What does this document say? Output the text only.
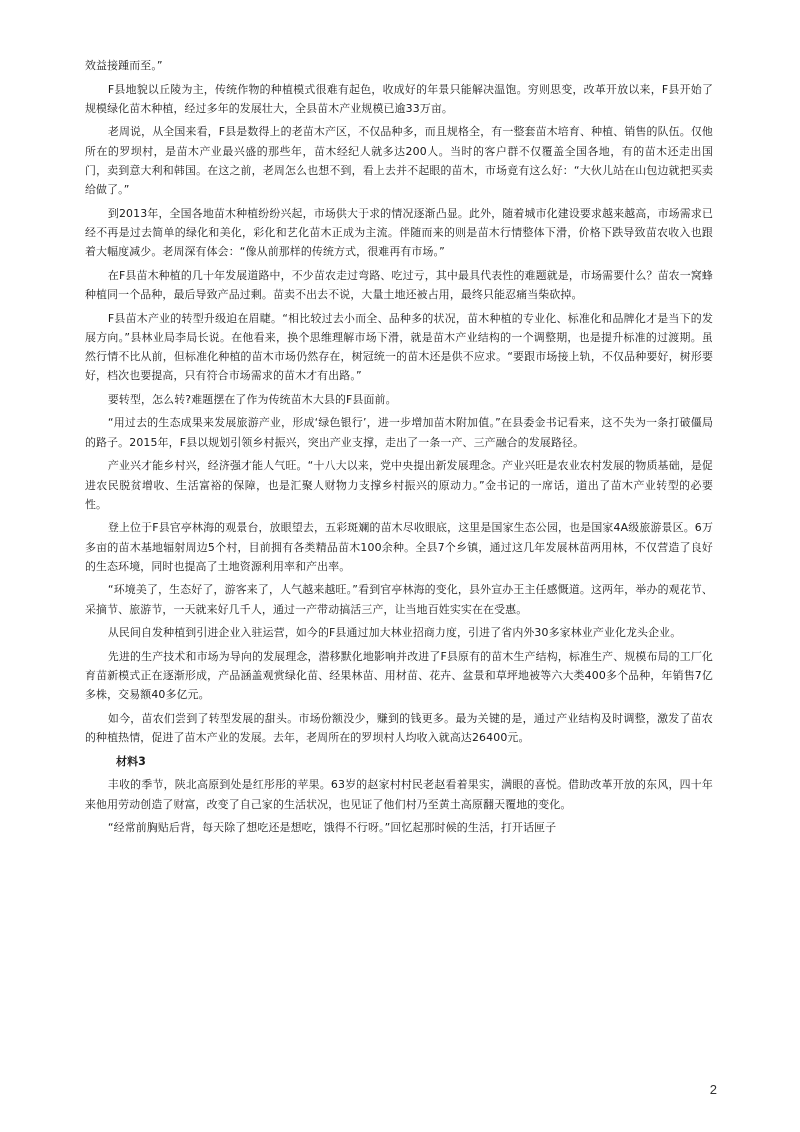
效益接踵而至。”

F县地貌以丘陵为主，传统作物的种植模式很难有起色，收成好的年景只能解决温饱。穷则思变，改革开放以来，F县开始了规模绿化苗木种植，经过多年的发展壮大，全县苗木产业规模已逾33万亩。

老周说，从全国来看，F县是数得上的老苗木产区，不仅品种多，而且规格全，有一整套苗木培育、种植、销售的队伍。仅他所在的罗坝村，是苗木产业最兴盛的那些年，苗木经纪人就多达200人。当时的客户群不仅覆盖全国各地，有的苗木还走出国门，卖到意大利和韩国。在这之前，老周怎么也想不到，看上去并不起眼的苗木，市场竟有这么好：“大伙儿站在山包边就把买卖给做了。”

到2013年，全国各地苗木种植纷纷兴起，市场供大于求的情况逐渐凸显。此外，随着城市化建设要求越来越高，市场需求已经不再是过去简单的绿化和美化，彩化和艺化苗木正成为主流。伴随而来的则是苗木行情整体下滑，价格下跌导致苗农收入也跟着大幅度减少。老周深有体会：“像从前那样的传统方式，很难再有市场。”

在F县苗木种植的几十年发展道路中，不少苗农走过弯路、吃过亏，其中最具代表性的难题就是，市场需要什么？苗农一窝蜂种植同一个品种，最后导致产品过剩。苗卖不出去不说，大量土地还被占用，最终只能忍痛当柴砍掉。

F县苗木产业的转型升级迫在眉睫。“相比较过去小而全、品种多的状况，苗木种植的专业化、标准化和品牌化才是当下的发展方向。”县林业局李局长说。在他看来，换个思维理解市场下滑，就是苗木产业结构的一个调整期，也是提升标准的过渡期。虽然行情不比从前，但标准化种植的苗木市场仍然存在，树冠统一的苗木还是供不应求。“要跟市场接上轨，不仅品种要好，树形要好，档次也要提高，只有符合市场需求的苗木才有出路。”

要转型，怎么转?难题摆在了作为传统苗木大县的F县面前。

“用过去的生态成果来发展旅游产业，形成‘绿色银行’，进一步增加苗木附加值。”在县委金书记看来，这不失为一条打破僵局的路子。2015年，F县以规划引领乡村振兴，突出产业支撑，走出了一条一产、三产融合的发展路径。

产业兴才能乡村兴，经济强才能人气旺。“十八大以来，党中央提出新发展理念。产业兴旺是农业农村发展的物质基础，是促进农民脱贫增收、生活富裕的保障，也是汇聚人财物力支撑乡村振兴的原动力。”金书记的一席话，道出了苗木产业转型的必要性。

登上位于F县官亭林海的观景台，放眼望去，五彩斑斓的苗木尽收眼底，这里是国家生态公园，也是国家4A级旅游景区。6万多亩的苗木基地辐射周边5个村，目前拥有各类精品苗木100余种。全县7个乡镇，通过这几年发展林苗两用林，不仅营造了良好的生态环境，同时也提高了土地资源利用率和产出率。

“环境美了，生态好了，游客来了，人气越来越旺。”看到官亭林海的变化，县外宣办王主任感慨道。这两年，举办的观花节、采摘节、旅游节，一天就来好几千人，通过一产带动搞活三产，让当地百姓实实在在受惠。

从民间自发种植到引进企业入驻运营，如今的F县通过加大林业招商力度，引进了省内外30多家林业产业化龙头企业。

先进的生产技术和市场为导向的发展理念，潜移默化地影响并改进了F县原有的苗木生产结构，标准生产、规模布局的工厂化育苗新模式正在逐渐形成，产品涵盖观赏绿化苗、经果林苗、用材苗、花卉、盆景和草坪地被等六大类400多个品种，年销售7亿多株，交易额40多亿元。

如今，苗农们尝到了转型发展的甜头。市场份额没少，赚到的钱更多。最为关键的是，通过产业结构及时调整，激发了苗农的种植热情，促进了苗木产业的发展。去年，老周所在的罗坝村人均收入就高达26400元。

材料3

丰收的季节，陕北高原到处是红彤彤的苹果。63岁的赵家村村民老赵看着果实，满眼的喜悦。借助改革开放的东风，四十年来他用劳动创造了财富，改变了自己家的生活状况，也见证了他们村乃至黄土高原翻天覆地的变化。

“经常前胸贴后背，每天除了想吃还是想吃，饿得不行呀。”回忆起那时候的生活，打开话匣子

2
